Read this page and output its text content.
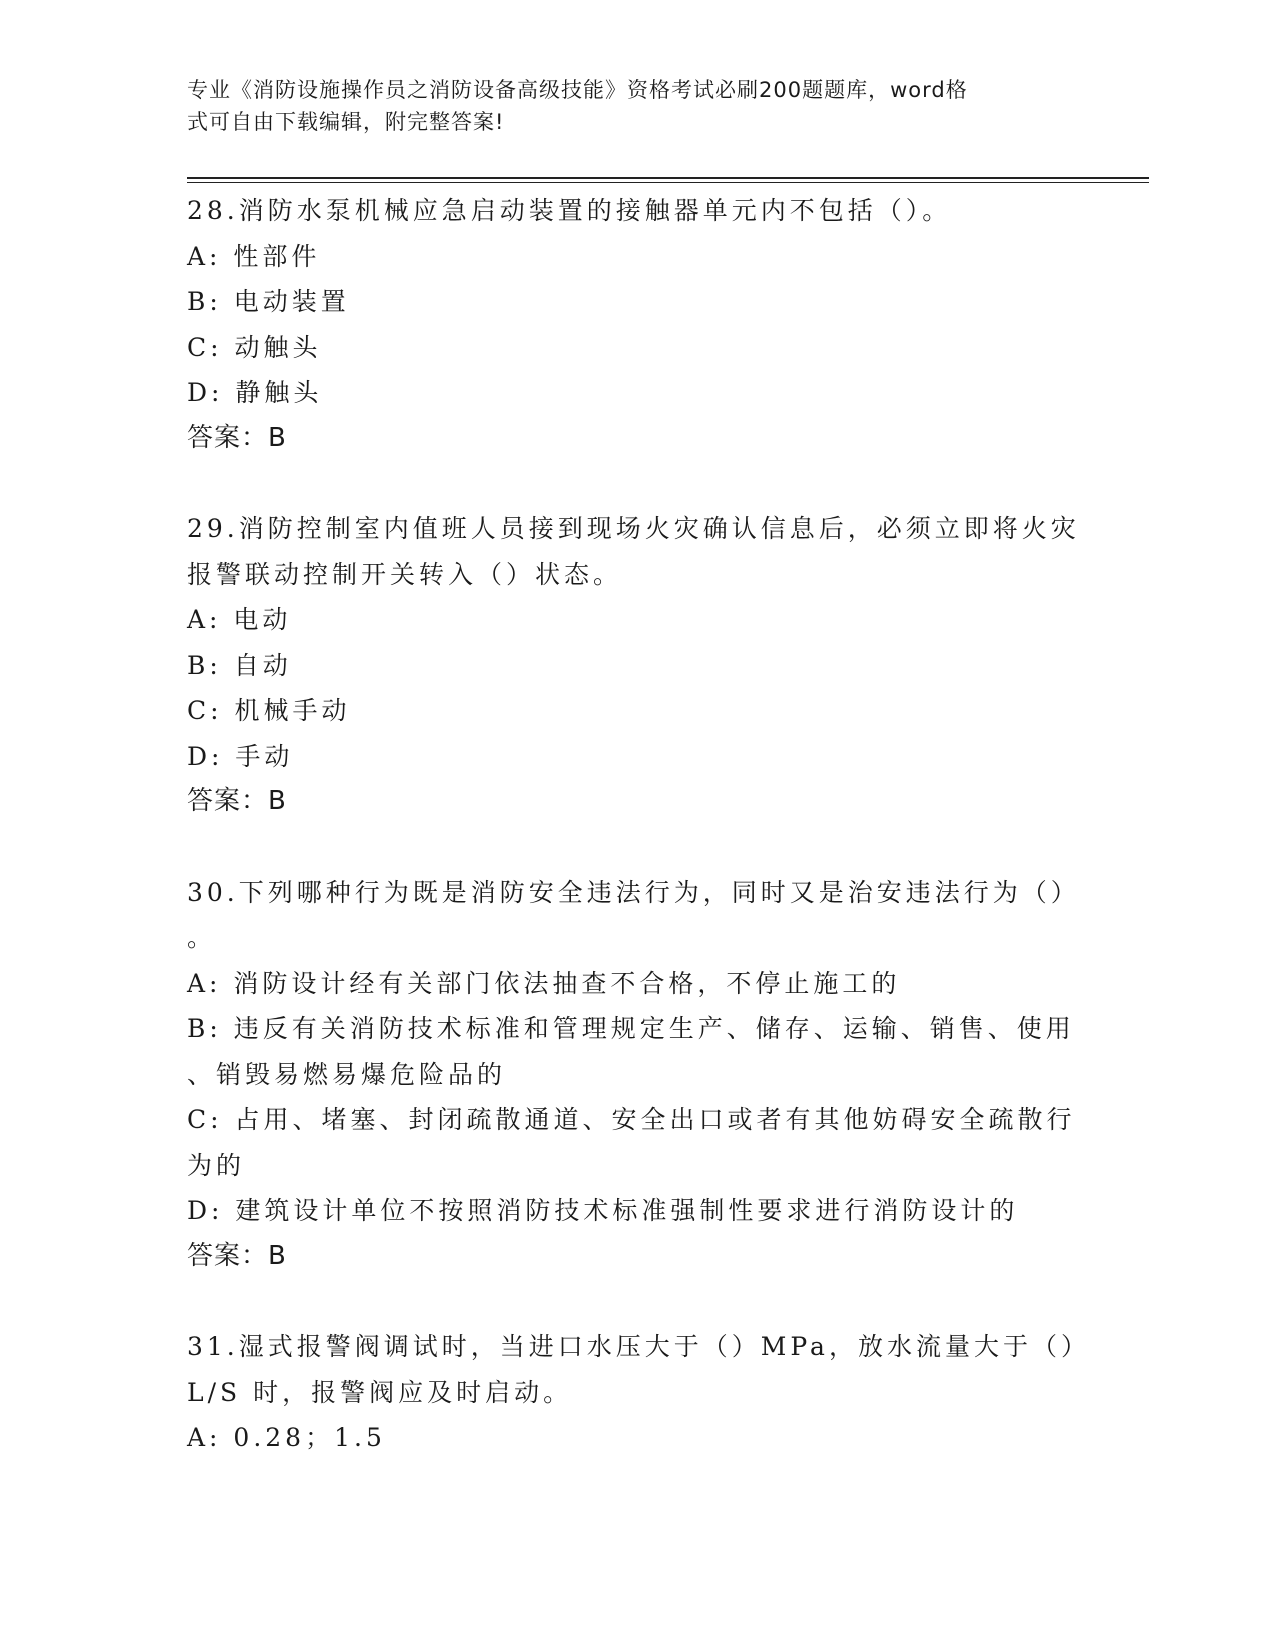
专业《消防设施操作员之消防设备高级技能》资格考试必刷200题题库，word格
式可自由下载编辑，附完整答案!
28.消防水泵机械应急启动装置的接触器单元内不包括（）。
A: 性部件
B: 电动装置
C: 动触头
D: 静触头
答案：B
29.消防控制室内值班人员接到现场火灾确认信息后，必须立即将火灾
报警联动控制开关转入（）状态。
A: 电动
B: 自动
C: 机械手动
D: 手动
答案：B
30.下列哪种行为既是消防安全违法行为，同时又是治安违法行为（）
。
A: 消防设计经有关部门依法抽查不合格，不停止施工的
B: 违反有关消防技术标准和管理规定生产、储存、运输、销售、使用
、销毁易燃易爆危险品的
C: 占用、堵塞、封闭疏散通道、安全出口或者有其他妨碍安全疏散行
为的
D: 建筑设计单位不按照消防技术标准强制性要求进行消防设计的
答案：B
31.湿式报警阀调试时，当进口水压大于（）MPa，放水流量大于（）
L/S 时，报警阀应及时启动。
A: 0.28；1.5
